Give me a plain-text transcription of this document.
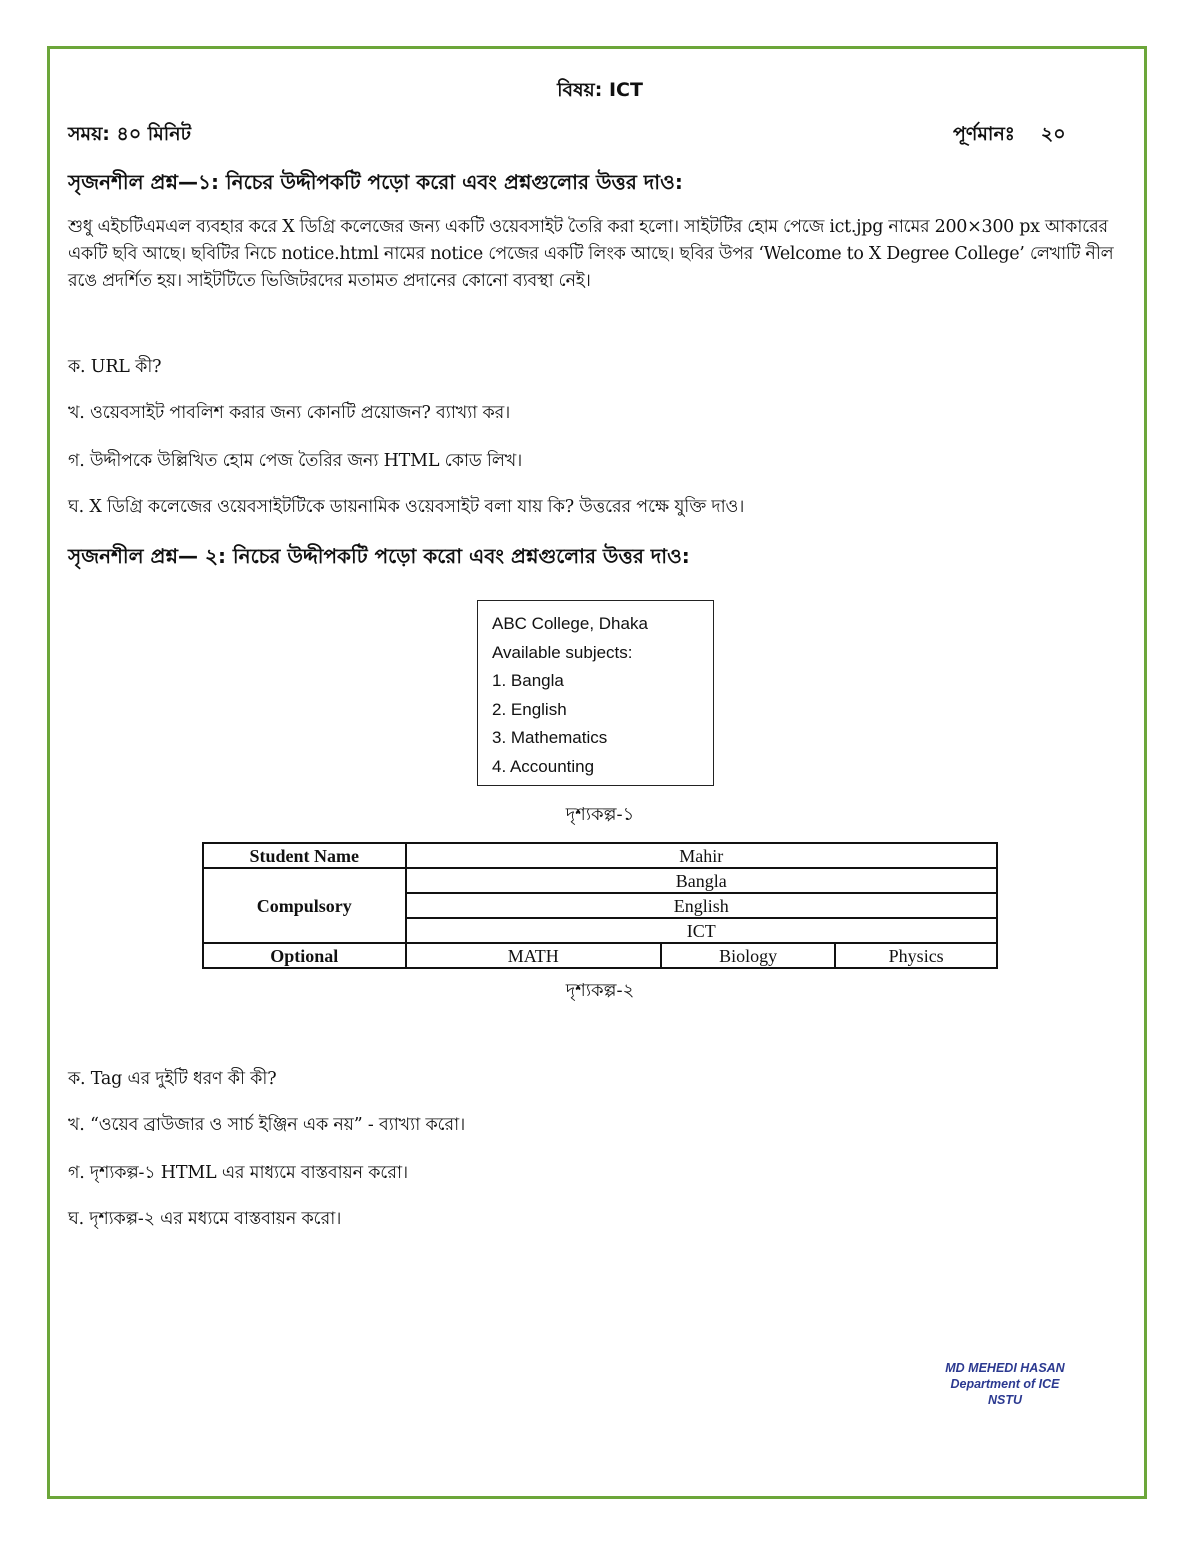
বিষয়: ICT
সময়: ৪০ মিনিট	পূর্ণমানঃ ২০
সৃজনশীল প্রশ্ন—১: নিচের উদ্দীপকটি পড়ো করো এবং প্রশ্নগুলোর উত্তর দাও:
শুধু এইচটিএমএল ব্যবহার করে X ডিগ্রি কলেজের জন্য একটি ওয়েবসাইট তৈরি করা হলো। সাইটটির হোম পেজে ict.jpg নামের 200×300 px আকারের একটি ছবি আছে। ছবিটির নিচে notice.html নামের notice পেজের একটি লিংক আছে। ছবির উপর ‘Welcome to X Degree College’ লেখাটি নীল রঙে প্রদর্শিত হয়। সাইটটিতে ভিজিটরদের মতামত প্রদানের কোনো ব্যবস্থা নেই।
ক. URL কী?
খ. ওয়েবসাইট পাবলিশ করার জন্য কোনটি প্রয়োজন? ব্যাখ্যা কর।
গ. উদ্দীপকে উল্লিখিত হোম পেজ তৈরির জন্য HTML কোড লিখ।
ঘ. X ডিগ্রি কলেজের ওয়েবসাইটটিকে ডায়নামিক ওয়েবসাইট বলা যায় কি? উত্তরের পক্ষে যুক্তি দাও।
সৃজনশীল প্রশ্ন— ২: নিচের উদ্দীপকটি পড়ো করো এবং প্রশ্নগুলোর উত্তর দাও:
ABC College, Dhaka
Available subjects:
1. Bangla
2. English
3. Mathematics
4. Accounting
দৃশ্যকল্প-১
Student Name	Mahir		
Compulsory	Bangla		
	English		
	ICT		
Optional	MATH	Biology	Physics
দৃশ্যকল্প-২
ক. Tag এর দুইটি ধরণ কী কী?
খ. “ওয়েব ব্রাউজার ও সার্চ ইঞ্জিন এক নয়” - ব্যাখ্যা করো।
গ. দৃশ্যকল্প-১ HTML এর মাধ্যমে বাস্তবায়ন করো।
ঘ. দৃশ্যকল্প-২ এর মধ্যমে বাস্তবায়ন করো।
MD MEHEDI HASAN
Department of ICE
NSTU
